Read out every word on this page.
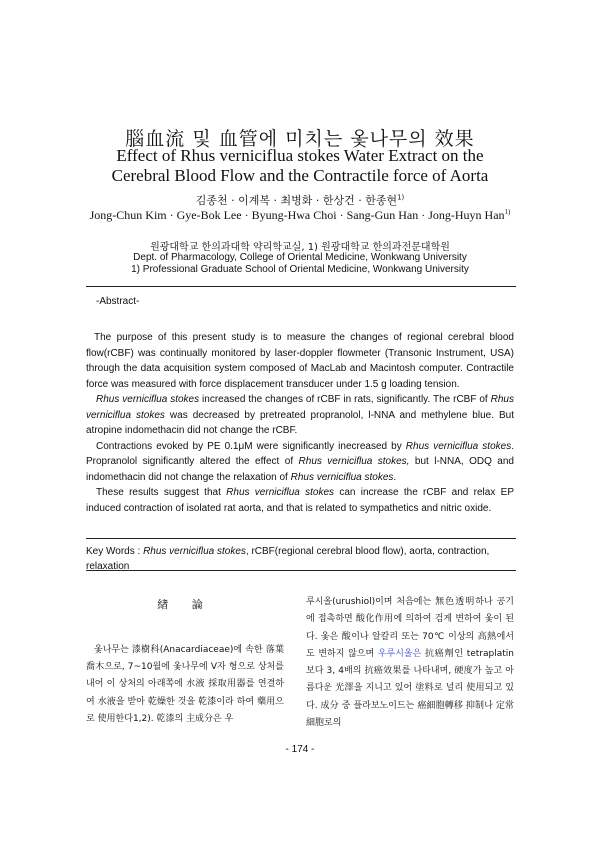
腦血流 및 血管에 미치는 옻나무의 效果
Effect of Rhus verniciflua stokes Water Extract on the
Cerebral Blood Flow and the Contractile force of Aorta
김종천 · 이계복 · 최병화 · 한상건 · 한종현$^{1)}$
Jong-Chun Kim · Gye-Bok Lee · Byung-Hwa Choi · Sang-Gun Han · Jong-Huyn Han$^{1)}$
원광대학교 한의과대학 약리학교실, 1) 원광대학교 한의과전문대학원
Dept. of Pharmacology, College of Oriental Medicine, Wonkwang University
1) Professional Graduate School of Oriental Medicine, Wonkwang University
-Abstract-

The purpose of this present study is to measure the changes of regional cerebral blood flow(rCBF) was continually monitored by laser-doppler flowmeter (Transonic Instrument, USA) through the data acquisition system composed of MacLab and Macintosh computer. Contractile force was measured with force displacement transducer under 1.5 g loading tension.

Rhus verniciflua stokes increased the changes of rCBF in rats, significantly. The rCBF of Rhus verniciflua stokes was decreased by pretreated propranolol, l-NNA and methylene blue. But atropine indomethacin did not change the rCBF.

Contractions evoked by PE 0.1μM were significantly inecreased by Rhus verniciflua stokes. Propranolol significantly altered the effect of Rhus verniciflua stokes, but l-NNA, ODQ and indomethacin did not change the relaxation of Rhus verniciflua stokes.

These results suggest that Rhus verniciflua stokes can increase the rCBF and relax EP induced contraction of isolated rat aorta, and that is related to sympathetics and nitric oxide.

Key Words : Rhus verniciflua stokes, rCBF(regional cerebral blood flow), aorta, contraction, relaxation
緖 論

옻나무는 漆樹科(Anacardiaceae)에 속한 落葉喬木으로, 7~10월에 옻나무에 V자 형으로 상처를 내어 이 상처의 아래쪽에 水液 採取用器를 연결하여 水液을 받아 乾燥한 것을 乾漆이라 하여 藥用으로 使用한다1,2). 乾漆의 主成分은 우

루시올(urushiol)이며 처음에는 無色透明하나 공기에 접촉하면 酸化作用에 의하여 검게 변하여 옻이 된다. 옻은 酸이나 알칼리 또는 70℃ 이상의 高熱에서도 변하지 않으며 우루시올은 抗癌劑인 tetraplatin보다 3, 4배의 抗癌效果를 나타내며, 硬度가 높고 아름다운 光澤을 지니고 있어 塗料로 널리 使用되고 있다. 成分 중 플라보노이드는 癌細胞轉移 抑制나 定常細胞로의

- 174 -
